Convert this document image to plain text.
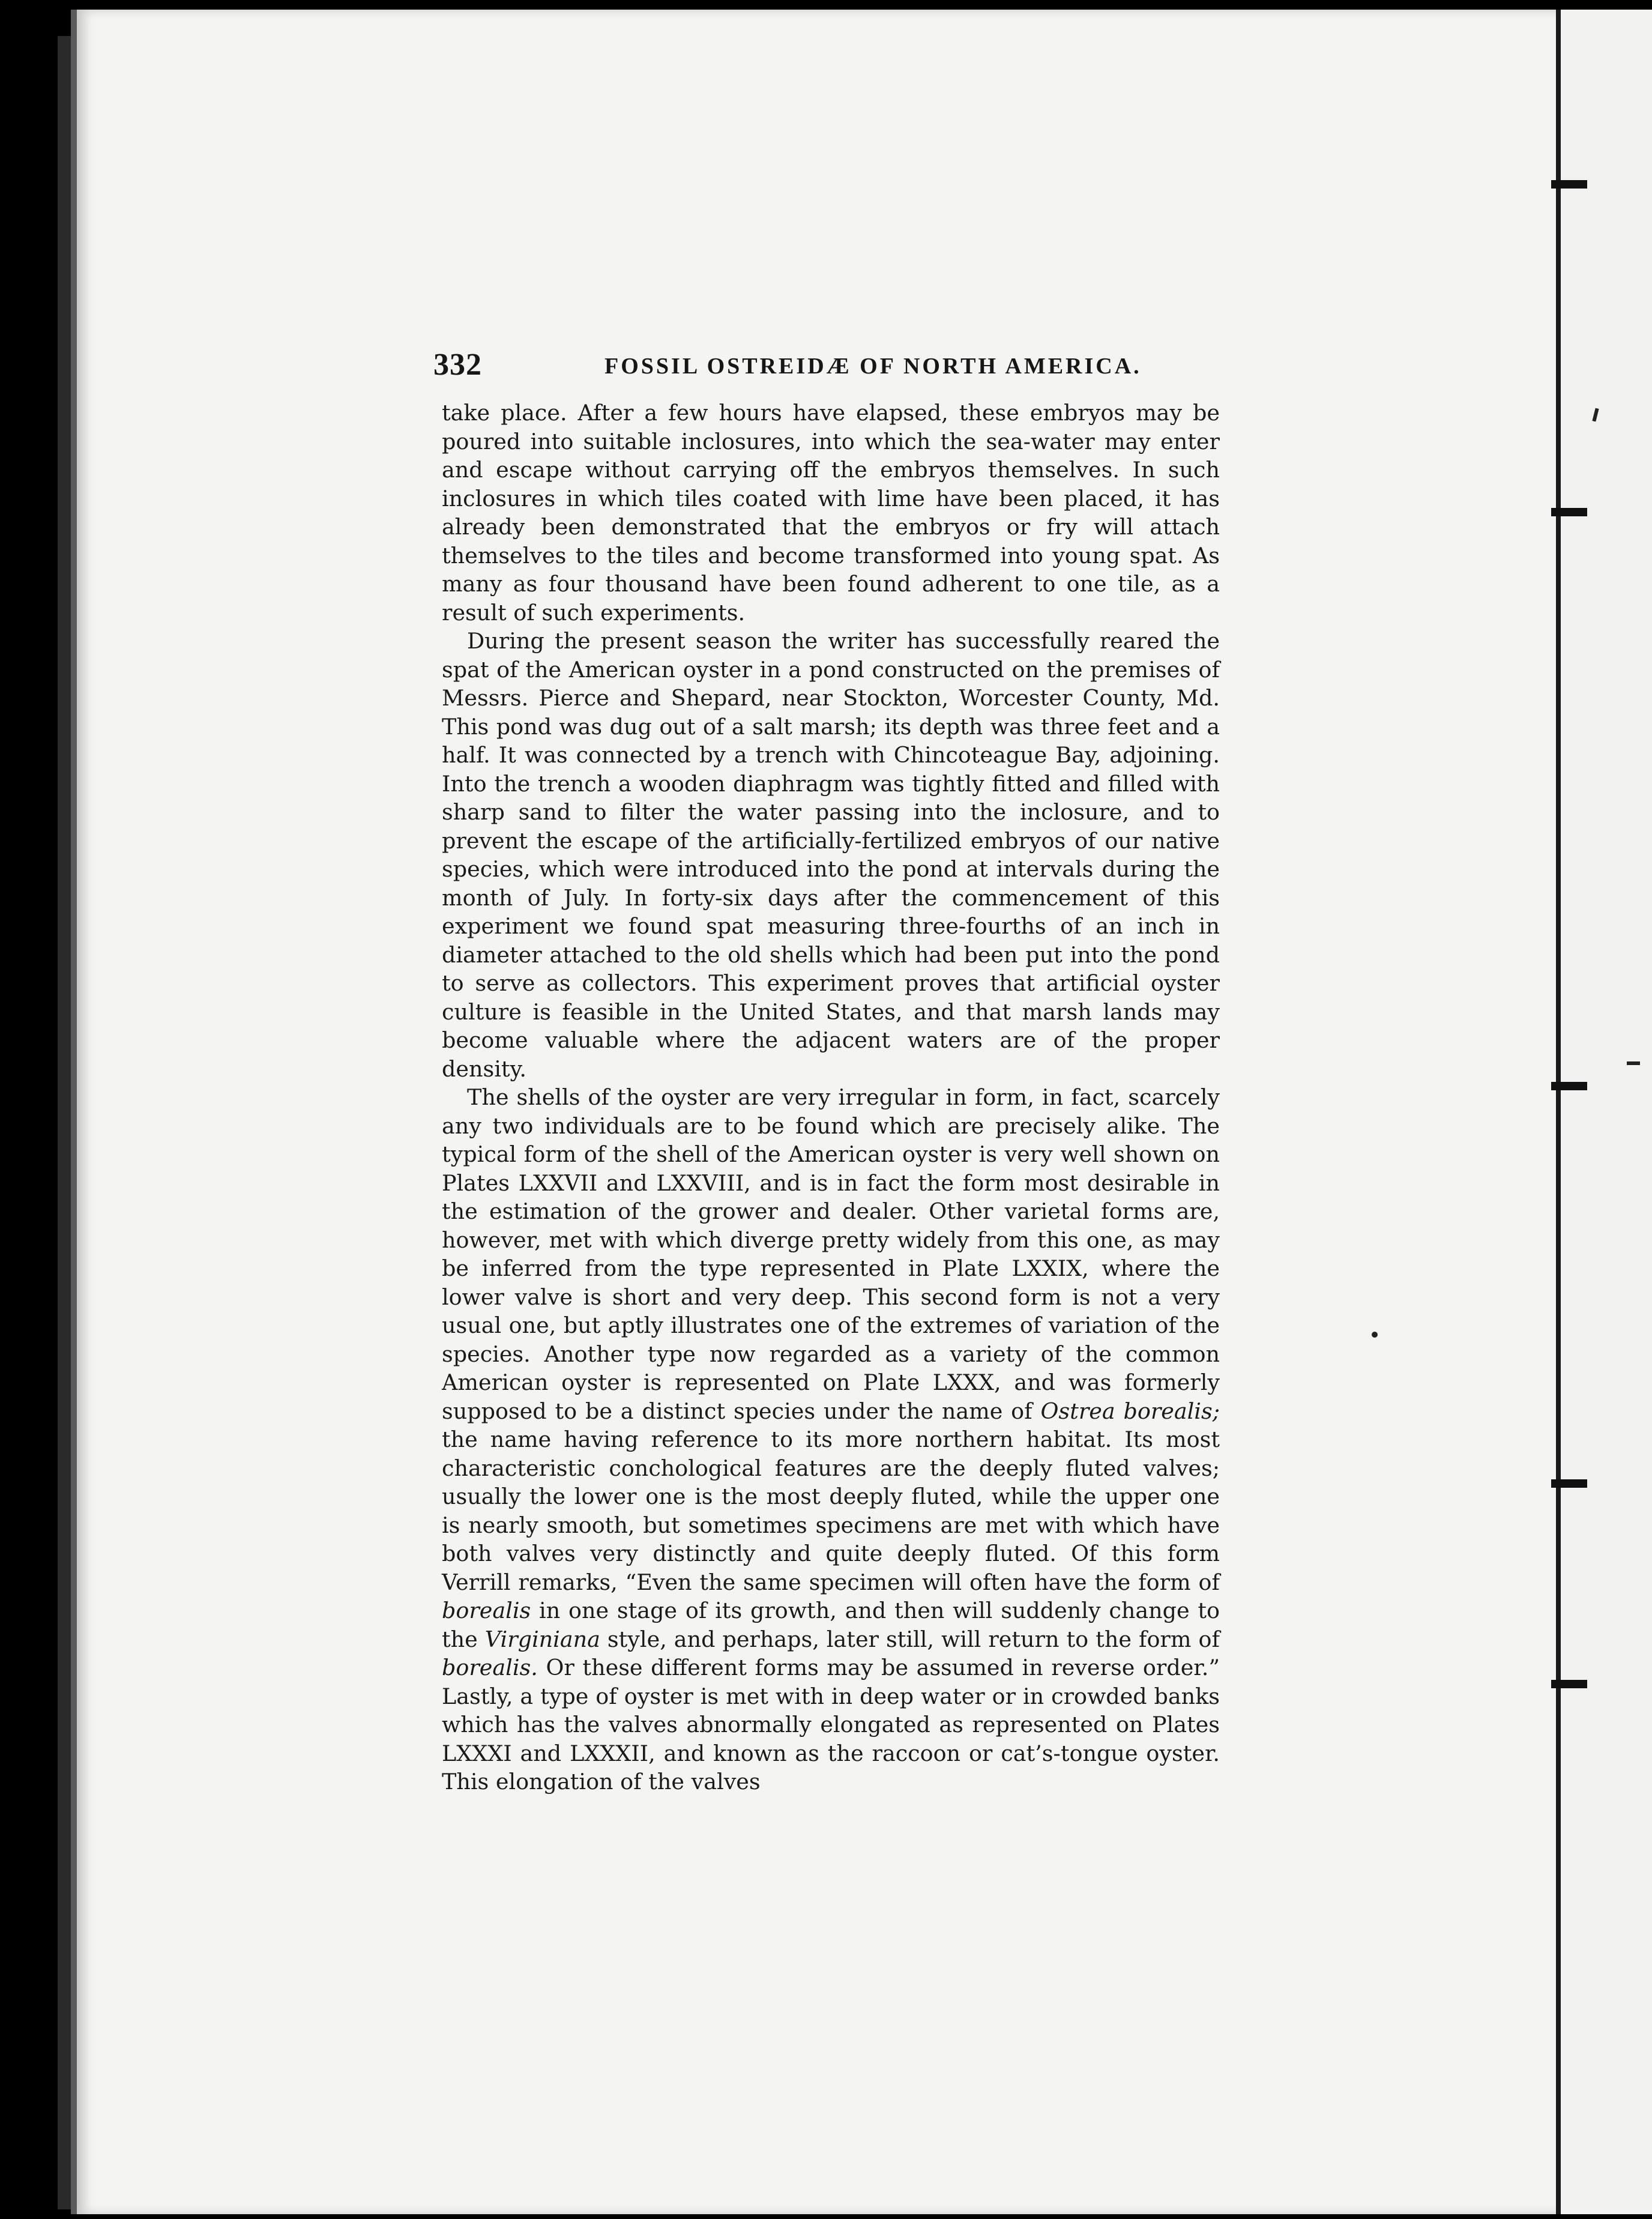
332	FOSSIL OSTREIDÆ OF NORTH AMERICA.

take place. After a few hours have elapsed, these embryos may be poured into suitable inclosures, into which the sea-water may enter and escape without carrying off the embryos themselves. In such inclosures in which tiles coated with lime have been placed, it has already been demonstrated that the embryos or fry will attach themselves to the tiles and become transformed into young spat. As many as four thousand have been found adherent to one tile, as a result of such experiments.

During the present season the writer has successfully reared the spat of the American oyster in a pond constructed on the premises of Messrs. Pierce and Shepard, near Stockton, Worcester County, Md. This pond was dug out of a salt marsh; its depth was three feet and a half. It was connected by a trench with Chincoteague Bay, adjoining. Into the trench a wooden diaphragm was tightly fitted and filled with sharp sand to filter the water passing into the inclosure, and to prevent the escape of the artificially-fertilized embryos of our native species, which were introduced into the pond at intervals during the month of July. In forty-six days after the commencement of this experiment we found spat measuring three-fourths of an inch in diameter attached to the old shells which had been put into the pond to serve as collectors. This experiment proves that artificial oyster culture is feasible in the United States, and that marsh lands may become valuable where the adjacent waters are of the proper density.

The shells of the oyster are very irregular in form, in fact, scarcely any two individuals are to be found which are precisely alike. The typical form of the shell of the American oyster is very well shown on Plates LXXVII and LXXVIII, and is in fact the form most desirable in the estimation of the grower and dealer. Other varietal forms are, however, met with which diverge pretty widely from this one, as may be inferred from the type represented in Plate LXXIX, where the lower valve is short and very deep. This second form is not a very usual one, but aptly illustrates one of the extremes of variation of the species. Another type now regarded as a variety of the common American oyster is represented on Plate LXXX, and was formerly supposed to be a distinct species under the name of Ostrea borealis; the name having reference to its more northern habitat. Its most characteristic conchological features are the deeply fluted valves; usually the lower one is the most deeply fluted, while the upper one is nearly smooth, but sometimes specimens are met with which have both valves very distinctly and quite deeply fluted. Of this form Verrill remarks, “Even the same specimen will often have the form of borealis in one stage of its growth, and then will suddenly change to the Virginiana style, and perhaps, later still, will return to the form of borealis. Or these different forms may be assumed in reverse order.” Lastly, a type of oyster is met with in deep water or in crowded banks which has the valves abnormally elongated as represented on Plates LXXXI and LXXXII, and known as the raccoon or cat’s-tongue oyster. This elongation of the valves
